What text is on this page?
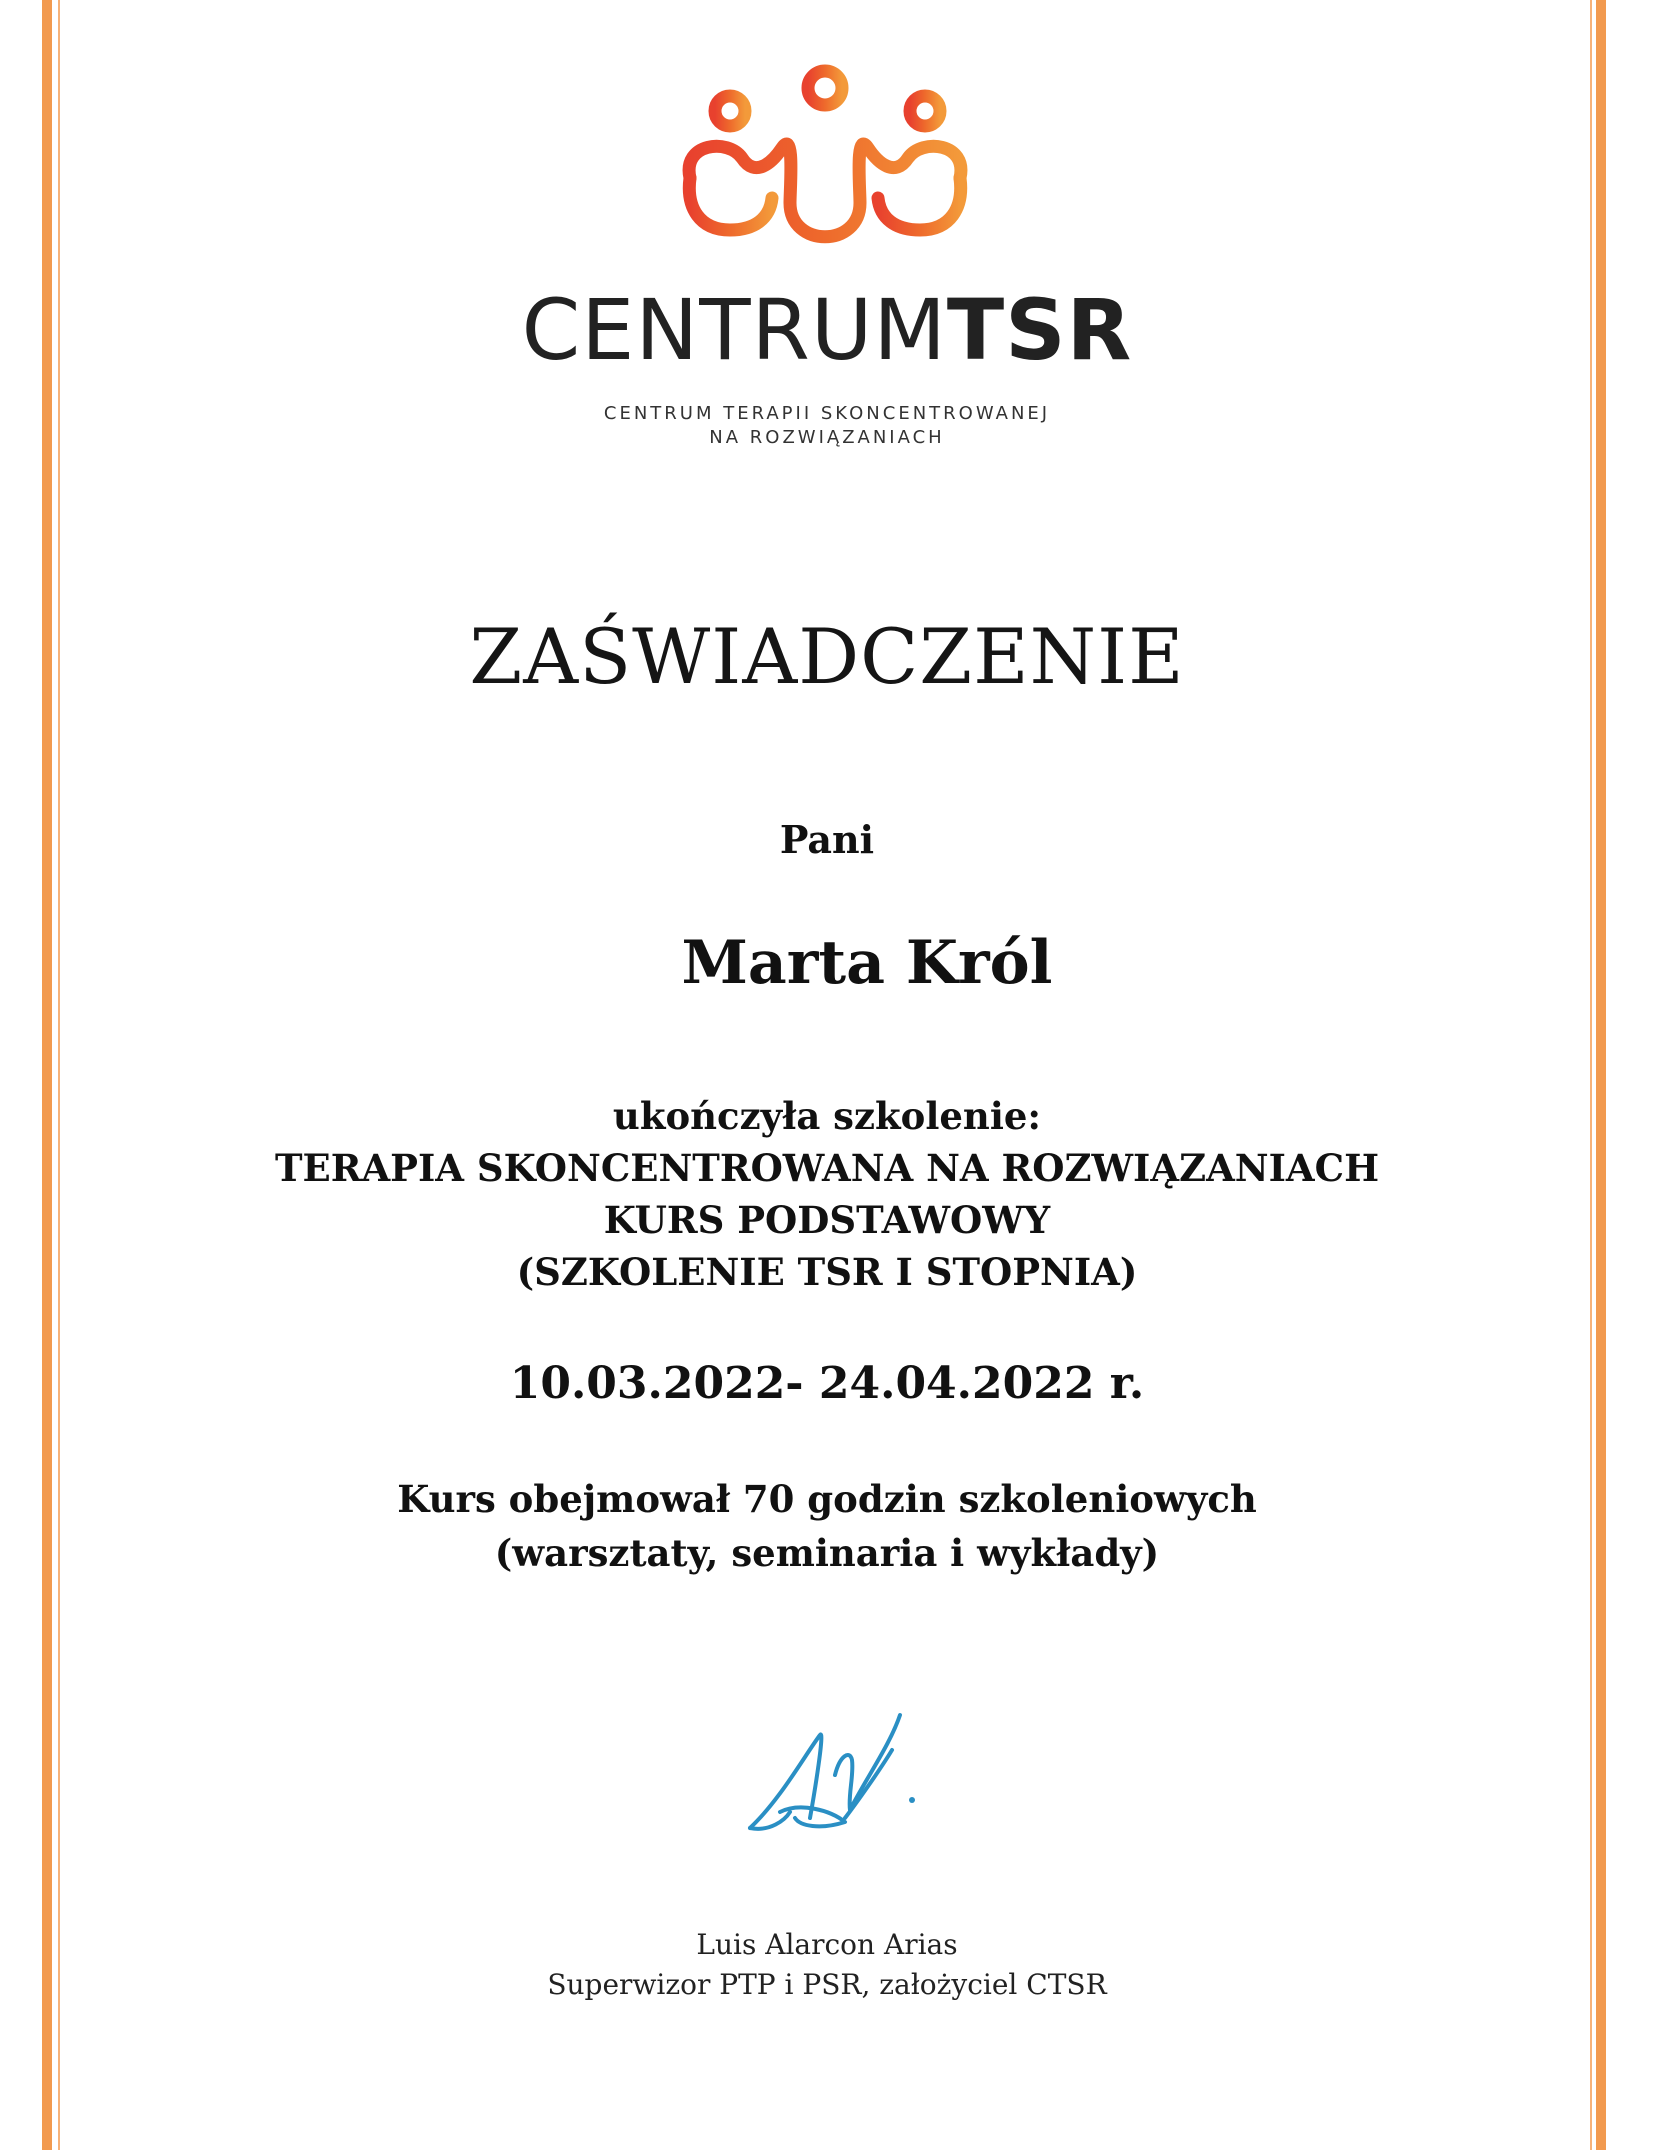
CENTRUMTSR
CENTRUM TERAPII SKONCENTROWANEJ
NA ROZWIĄZANIACH
ZAŚWIADCZENIE
Pani
Marta Król
ukończyła szkolenie:
TERAPIA SKONCENTROWANA NA ROZWIĄZANIACH
KURS PODSTAWOWY
(SZKOLENIE TSR I STOPNIA)
10.03.2022- 24.04.2022 r.
Kurs obejmował 70 godzin szkoleniowych
(warsztaty, seminaria i wykłady)
Luis Alarcon Arias
Superwizor PTP i PSR, założyciel CTSR
